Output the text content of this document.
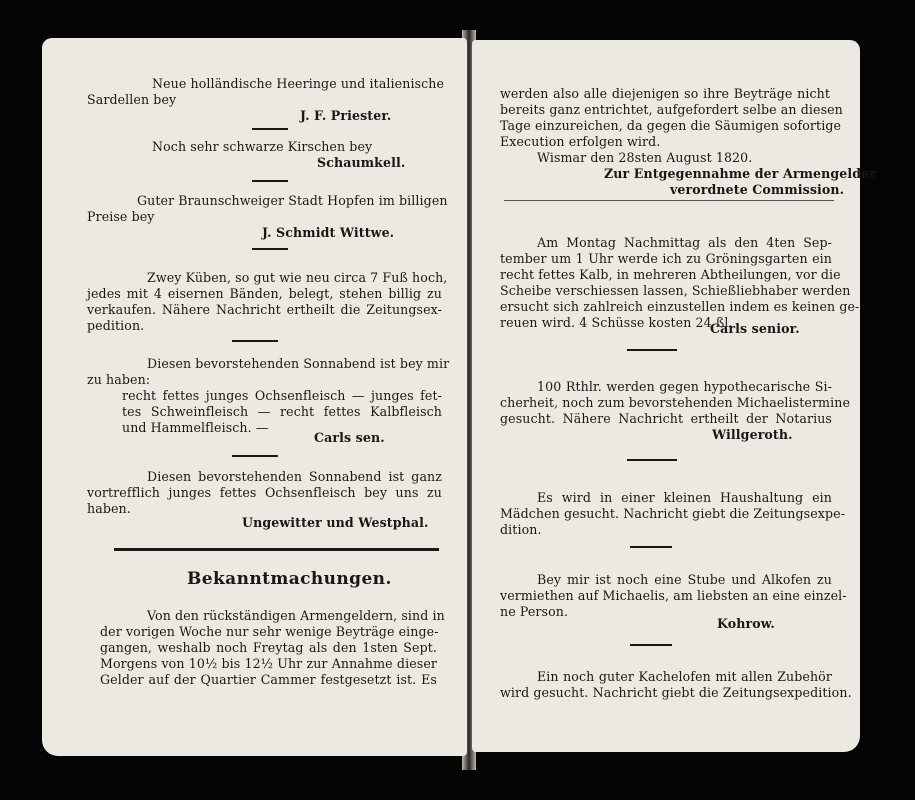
Neue holländische Heeringe und italienische
Sardellen bey
J. F. Priester.
Noch sehr schwarze Kirschen bey
Schaumkell.
Guter Braunschweiger Stadt Hopfen im billigen
Preise bey
J. Schmidt Wittwe.
Zwey Küben, so gut wie neu circa 7 Fuß hoch,
jedes mit 4 eisernen Bänden, belegt, stehen billig zu
verkaufen. Nähere Nachricht ertheilt die Zeitungsex-
pedition.
Diesen bevorstehenden Sonnabend ist bey mir
zu haben:
recht fettes junges Ochsenfleisch — junges fet-
tes Schweinfleisch — recht fettes Kalbfleisch
und Hammelfleisch. —
Carls sen.
Diesen bevorstehenden Sonnabend ist ganz
vortrefflich junges fettes Ochsenfleisch bey uns zu
haben.
Ungewitter und Westphal.
Bekanntmachungen.
Von den rückständigen Armengeldern, sind in
der vorigen Woche nur sehr wenige Beyträge einge-
gangen, weshalb noch Freytag als den 1sten Sept.
Morgens von 10½ bis 12½ Uhr zur Annahme dieser
Gelder auf der Quartier Cammer festgesetzt ist. Es
werden also alle diejenigen so ihre Beyträge nicht
bereits ganz entrichtet, aufgefordert selbe an diesen
Tage einzureichen, da gegen die Säumigen sofortige
Execution erfolgen wird.
Wismar den 28sten August 1820.
Zur Entgegennahme der Armengelder
verordnete Commission.
Am Montag Nachmittag als den 4ten Sep-
tember um 1 Uhr werde ich zu Gröningsgarten ein
recht fettes Kalb, in mehreren Abtheilungen, vor die
Scheibe verschiessen lassen, Schießliebhaber werden
ersucht sich zahlreich einzustellen indem es keinen ge-
reuen wird. 4 Schüsse kosten 24 ßl.
Carls senior.
100 Rthlr. werden gegen hypothecarische Si-
cherheit, noch zum bevorstehenden Michaelistermine
gesucht. Nähere Nachricht ertheilt der Notarius
Willgeroth.
Es wird in einer kleinen Haushaltung ein
Mädchen gesucht. Nachricht giebt die Zeitungsexpe-
dition.
Bey mir ist noch eine Stube und Alkofen zu
vermiethen auf Michaelis, am liebsten an eine einzel-
ne Person.
Kohrow.
Ein noch guter Kachelofen mit allen Zubehör
wird gesucht. Nachricht giebt die Zeitungsexpedition.
